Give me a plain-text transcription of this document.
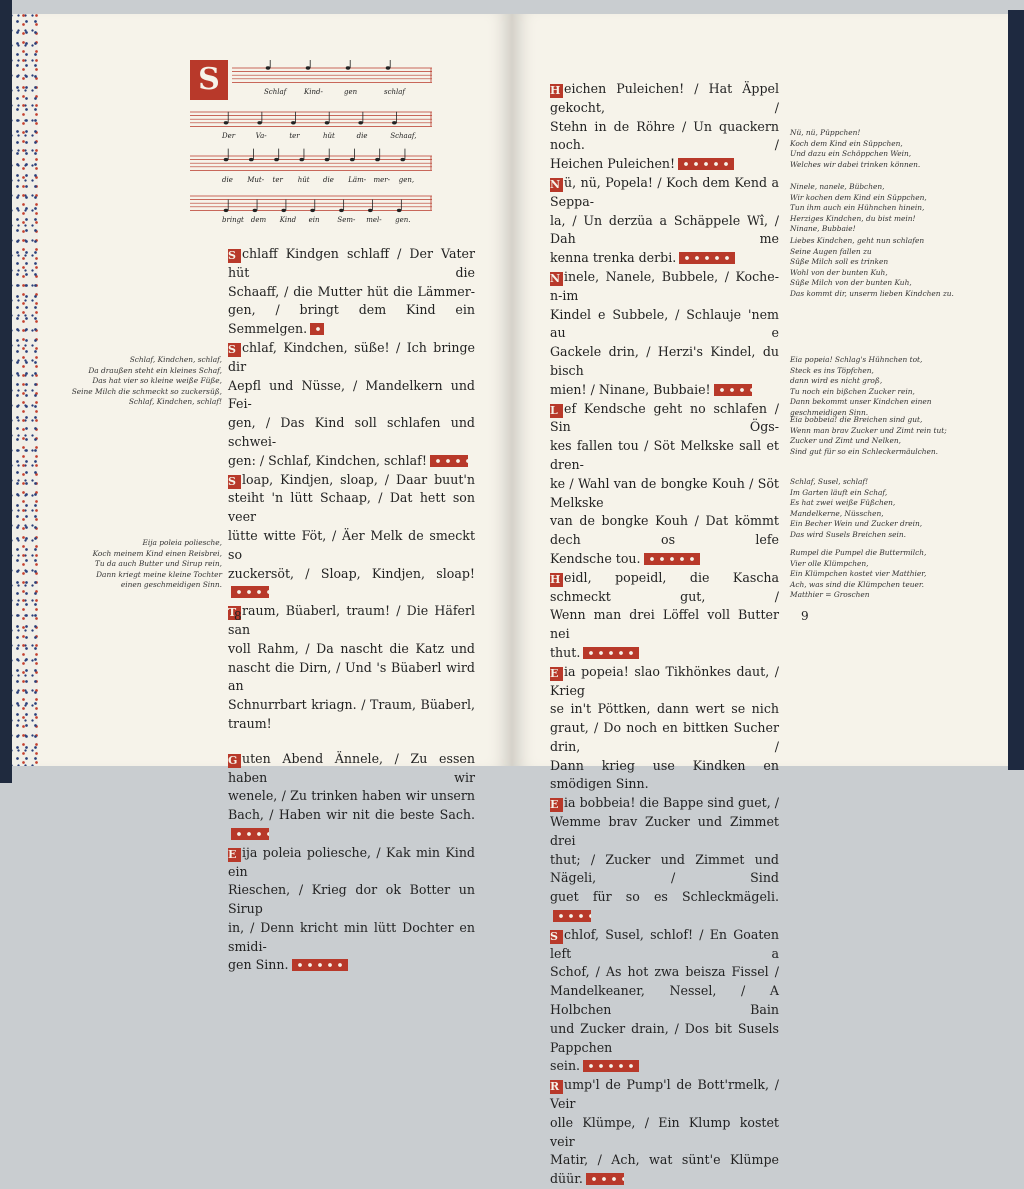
S	Schlaf	Kind-	gen	schlaf
Der	Va-	ter	hüt	die	Schaaf,
die Mut- ter hüt die Läm- mer- gen,
bringt dem Kind ein	Sem- mel- gen.

S chlaff Kindgen schlaff / Der Vater hüt die
Schaaff, / die Mutter hüt die Lämmer-
gen, / bringt dem Kind ein Semmelgen.

S chlaf, Kindchen, süße! / Ich bringe dir
Aepfl und Nüsse, / Mandelkern und Fei-
gen, / Das Kind soll schlafen und schwei-
gen: / Schlaf, Kindchen, schlaf!

S loap, Kindjen, sloap, / Daar buut'n
steiht 'n lütt Schaap, / Dat hett son veer
lütte witte Föt, / Äer Melk de smeckt so
zuckersöt, / Sloap, Kindjen, sloap!

T raum, Büaberl, traum! / Die Häferl san
voll Rahm, / Da nascht die Katz und
nascht die Dirn, / Und 's Büaberl wird an
Schnurrbart kriagn. / Traum, Büaberl, traum!

G uten Abend Ännele, / Zu essen haben wir
wenele, / Zu trinken haben wir unsern
Bach, / Haben wir nit die beste Sach.

E ija poleia poliesche, / Kak min Kind ein
Rieschen, / Krieg dor ok Botter un Sirup
in, / Denn kricht min lütt Dochter en smidi-
gen Sinn.

H eichen Puleichen! / Hat Äppel gekocht, /
Stehn in de Röhre / Un quackern noch. /
Heichen Puleichen!

N ü, nü, Popela! / Koch dem Kend a Seppa-
la, / Un derzüa a Schäppele Wî, / Dah me
kenna trenka derbi.

N inele, Nanele, Bubbele, / Koche-n-im
Kindel e Subbele, / Schlauje 'nem au e
Gackele drin, / Herzi's Kindel, du bisch
mien! / Ninane, Bubbaie!

L ef Kendsche geht no schlafen / Sin Ögs-
kes fallen tou / Söt Melkske sall et dren-
ke / Wahl van de bongke Kouh / Söt Melkske
van de bongke Kouh / Dat kömmt dech os lefe
Kendsche tou.

H eidl, popeidl, die Kascha schmeckt gut, /
Wenn man drei Löffel voll Butter nei
thut.

E ia popeia! slao Tikhönkes daut, / Krieg
se in't Pöttken, dann wert se nich
graut, / Do noch en bittken Sucher drin, /
Dann krieg use Kindken en smödigen Sinn.

E ia bobbeia! die Bappe sind guet, /
Wemme brav Zucker und Zimmet drei
thut; / Zucker und Zimmet und Nägeli, / Sind
guet für so es Schleckmägeli.

S chlof, Susel, schlof! / En Goaten left a
Schof, / As hot zwa beisza Fissel /
Mandelkeaner, Nessel, / A Holbchen Bain
und Zucker drain, / Dos bit Susels Pappchen
sein.

R ump'l de Pump'l de Bott'rmelk, / Veir
olle Klümpe, / Ein Klump kostet veir
Matir, / Ach, wat sünt'e Klümpe düür.

Schlaf, Kindchen, schlaf,
Da draußen steht ein kleines Schaf,
Das hat vier so kleine weiße Füße,
Seine Milch die schmeckt so zuckersüß,
Schlaf, Kindchen, schlaf!
Eija poleia poliesche,
Koch meinem Kind einen Reisbrei,
Tu da auch Butter und Sirup rein,
Dann kriegt meine kleine Tochter
einen geschmeidigen Sinn.
Nü, nü, Püppchen!
Koch dem Kind ein Süppchen,
Und dazu ein Schöppchen Wein,
Welches wir dabei trinken können.
Ninele, nanele, Bübchen,
Wir kochen dem Kind ein Süppchen,
Tun ihm auch ein Hühnchen hinein,
Herziges Kindchen, du bist mein!
Ninane, Bubbaie!
Liebes Kindchen, geht nun schlafen
Seine Augen fallen zu
Süße Milch soll es trinken
Wohl von der bunten Kuh,
Süße Milch von der bunten Kuh,
Das kommt dir, unserm lieben Kindchen zu.
Eia popeia! Schlag's Hühnchen tot,
Steck es ins Töpfchen,
dann wird es nicht groß,
Tu noch ein bißchen Zucker rein,
Dann bekommt unser Kindchen einen
geschmeidigen Sinn.
Eia bobbeia! die Breichen sind gut,
Wenn man brav Zucker und Zimt rein tut;
Zucker und Zimt und Nelken,
Sind gut für so ein Schleckermäulchen.
Schlaf, Susel, schlaf!
Im Garten läuft ein Schaf,
Es hat zwei weiße Füßchen,
Mandelkerne, Nüsschen,
Ein Becher Wein und Zucker drein,
Das wird Susels Breichen sein.
Rumpel die Pumpel die Buttermilch,
Vier olle Klümpchen,
Ein Klümpchen kostet vier Matthier,
Ach, was sind die Klümpchen teuer.
Matthier = Groschen
8	9
